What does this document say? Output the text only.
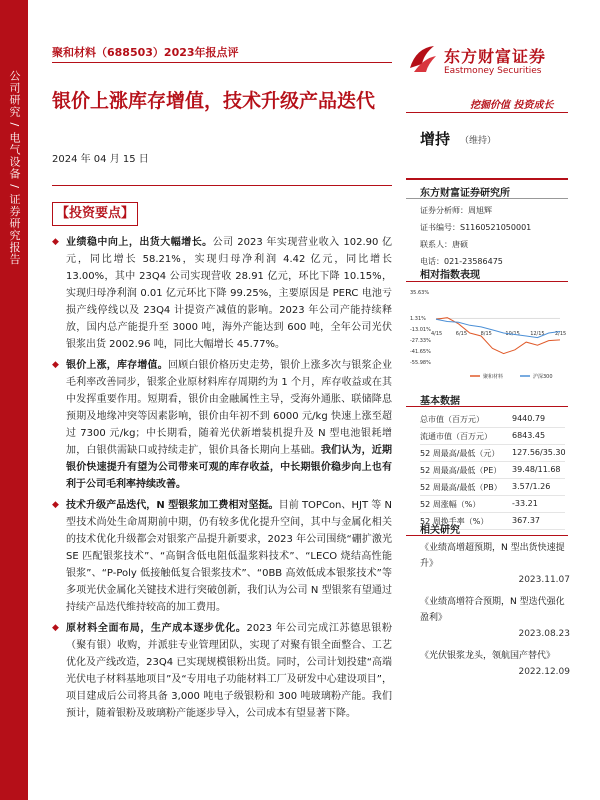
公司研究 / 电气设备 / 证券研究报告
聚和材料（688503）2023年报点评
银价上涨库存增值，技术升级产品迭代
2024 年 04 月 15 日
【投资要点】
◆ 业绩稳中向上，出货大幅增长。公司 2023 年实现营业收入 102.90 亿元，同比增长 58.21%，实现归母净利润 4.42 亿元，同比增长 13.00%，其中 23Q4 公司实现营收 28.91 亿元，环比下降 10.15%，实现归母净利润 0.01 亿元环比下降 99.25%，主要原因是 PERC 电池亏损产线停线以及 23Q4 计提资产减值的影响。2023 年公司产能持续释放，国内总产能提升至 3000 吨，海外产能达到 600 吨，全年公司光伏银浆出货 2002.96 吨，同比大幅增长 45.77%。
◆ 银价上涨，库存增值。回顾白银价格历史走势，银价上涨多次与银浆企业毛利率改善同步，银浆企业原材料库存周期约为 1 个月，库存收益或在其中发挥重要作用。短期看，银价由金融属性主导，受海外通胀、联储降息预期及地缘冲突等因素影响，银价由年初不到 6000 元/kg 快速上涨至超过 7300 元/kg；中长期看，随着光伏新增装机提升及 N 型电池银耗增加，白银供需缺口或持续走扩，银价具备长期向上基础。我们认为，近期银价快速提升有望为公司带来可观的库存收益，中长期银价稳步向上也有利于公司毛利率持续改善。
◆ 技术升级产品迭代，N 型银浆加工费相对坚挺。目前 TOPCon、HJT 等 N 型技术尚处生命周期前中期，仍有较多优化提升空间，其中与金属化相关的技术优化升级都会对银浆产品提升新要求，2023 年公司围绕“硼扩激光 SE 匹配银浆技术”、“高铜含低电阻低温浆料技术”、“LECO 烧结高性能银浆”、“P-Poly 低接触低复合银浆技术”、“0BB 高效低成本银浆技术”等多项光伏金属化关键技术进行突破创新，我们认为公司 N 型银浆有望通过持续产品迭代维持较高的加工费用。
◆ 原材料全面布局，生产成本逐步优化。2023 年公司完成江苏德思银粉（聚有银）收购，并派驻专业管理团队，实现了对聚有银全面整合、工艺优化及产线改造，23Q4 已实现规模银粉出货。同时，公司计划投建“高端光伏电子材料基地项目”及“专用电子功能材料工厂及研发中心建设项目”，项目建成后公司将具备 3,000 吨电子级银粉和 300 吨玻璃粉产能。我们预计，随着银粉及玻璃粉产能逐步导入，公司成本有望显著下降。
东方财富证券
Eastmoney Securities
挖掘价值 投资成长
增持 （维持）
东方财富证券研究所
证券分析师：周旭辉
证书编号：S1160521050001
联系人：唐硕
电话：021-23586475
相对指数表现
35.63%
1.31%
-13.01%
-27.33%
-41.65%
-55.98%
4/15	6/15	8/15	10/15 12/15 2/15
聚和材料	沪深300
基本数据
总市值（百万元）	9440.79
流通市值（百万元）	6843.45
52 周最高/最低（元） 127.56/35.30
52 周最高/最低（PE） 39.48/11.68
52 周最高/最低（PB） 3.57/1.26
52 周涨幅（%）	-33.21
52 周换手率（%）	367.37
相关研究
《业绩高增超预期，N 型出货快速提升》
2023.11.07
《业绩高增符合预期，N 型迭代强化盈利》
2023.08.23
《光伏银浆龙头，领航国产替代》
2022.12.09
